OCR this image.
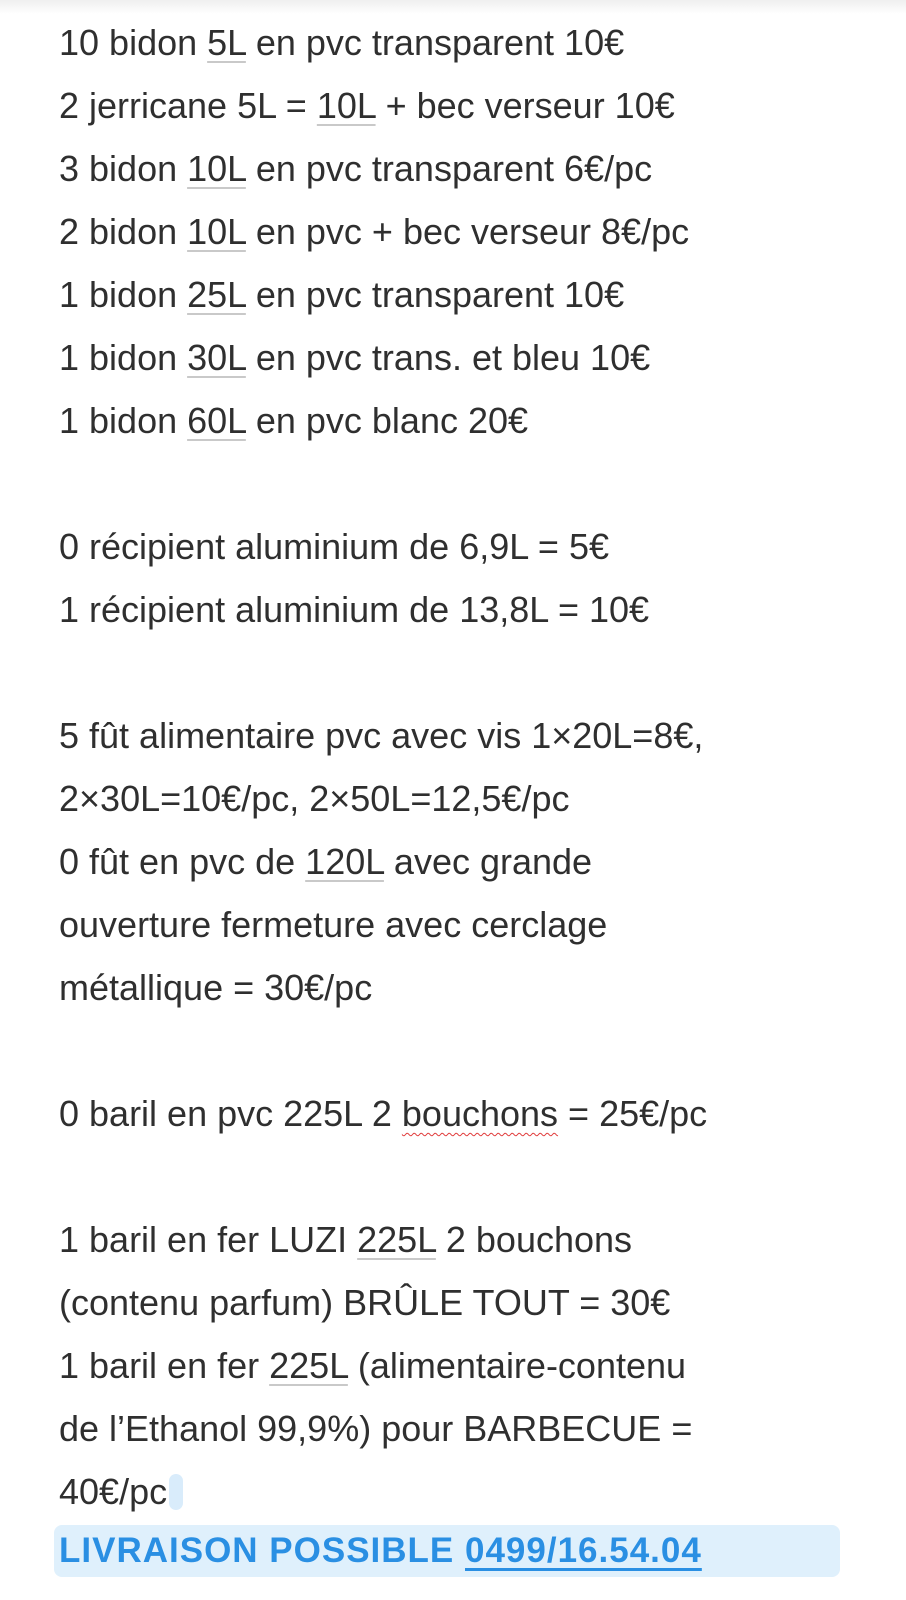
10 bidon 5L en pvc transparent 10€
2 jerricane 5L = 10L + bec verseur 10€
3 bidon 10L en pvc transparent 6€/pc
2 bidon 10L en pvc + bec verseur 8€/pc
1 bidon 25L en pvc transparent 10€
1 bidon 30L en pvc trans. et bleu 10€
1 bidon 60L en pvc blanc 20€
0 récipient aluminium de 6,9L = 5€
1 récipient aluminium de 13,8L = 10€
5 fût alimentaire pvc avec vis 1×20L=8€,
2×30L=10€/pc, 2×50L=12,5€/pc
0 fût en pvc de 120L avec grande
ouverture fermeture avec cerclage
métallique = 30€/pc
0 baril en pvc 225L 2 bouchons = 25€/pc
1 baril en fer LUZI 225L 2 bouchons
(contenu parfum) BRÛLE TOUT = 30€
1 baril en fer 225L (alimentaire-contenu
de l’Ethanol 99,9%) pour BARBECUE =
40€/pc
LIVRAISON POSSIBLE 0499/16.54.04
